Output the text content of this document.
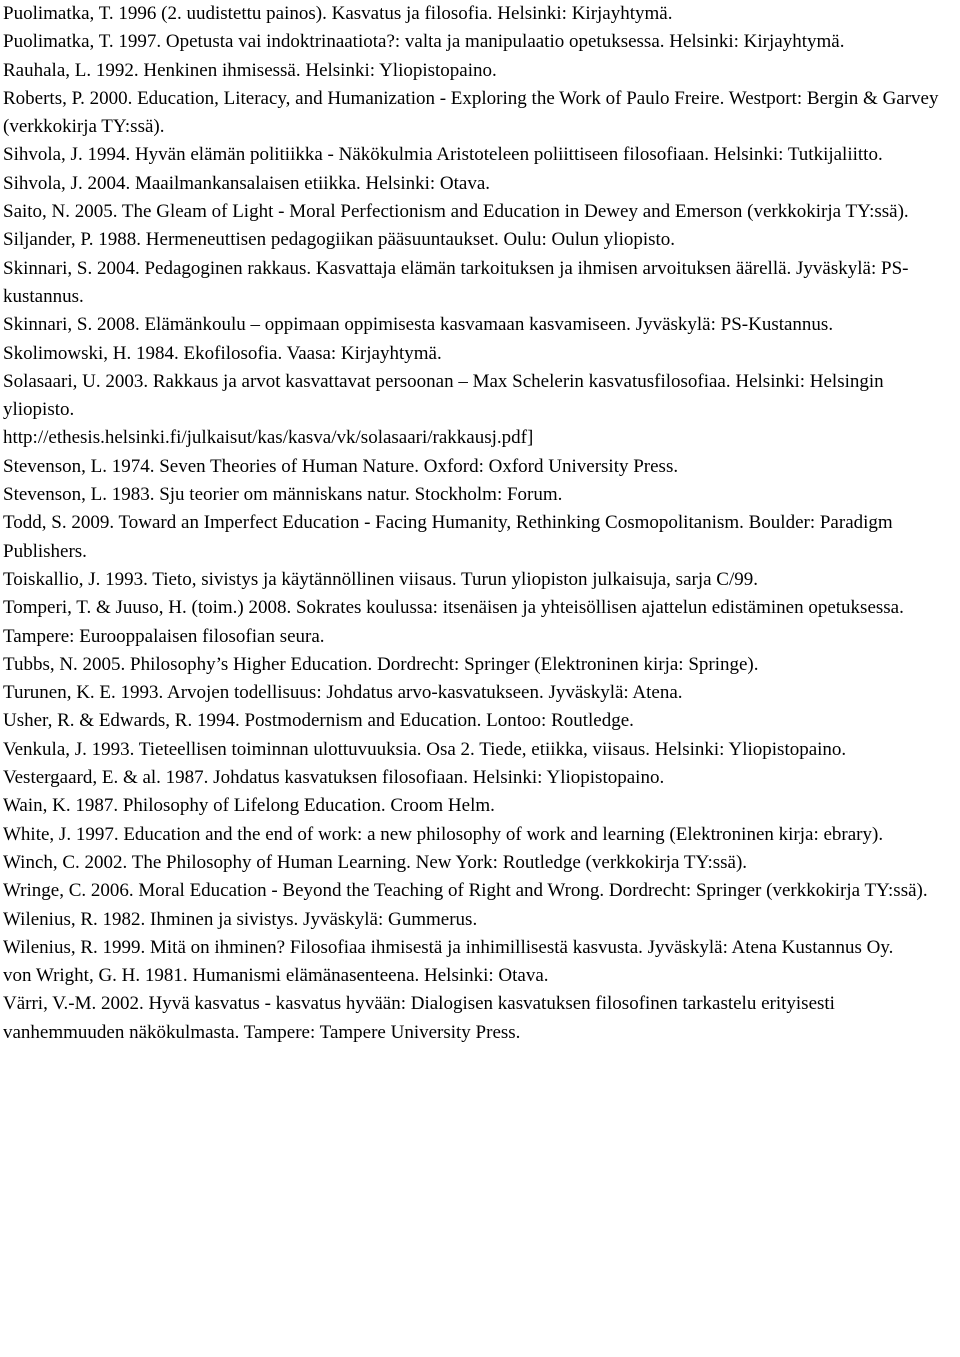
Puolimatka, T. 1996 (2. uudistettu painos). Kasvatus ja filosofia. Helsinki: Kirjayhtymä.

Puolimatka, T. 1997. Opetusta vai indoktrinaatiota?: valta ja manipulaatio opetuksessa. Helsinki: Kirjayhtymä.

Rauhala, L. 1992. Henkinen ihmisessä. Helsinki: Yliopistopaino.

Roberts, P. 2000. Education, Literacy, and Humanization - Exploring the Work of Paulo Freire. Westport: Bergin & Garvey (verkkokirja TY:ssä).

Sihvola, J. 1994. Hyvän elämän politiikka - Näkökulmia Aristoteleen poliittiseen filosofiaan. Helsinki: Tutkijaliitto.

Sihvola, J. 2004. Maailmankansalaisen etiikka. Helsinki: Otava.

Saito, N. 2005. The Gleam of Light - Moral Perfectionism and Education in Dewey and Emerson (verkkokirja TY:ssä).

Siljander, P. 1988. Hermeneuttisen pedagogiikan pääsuuntaukset. Oulu: Oulun yliopisto.

Skinnari, S. 2004. Pedagoginen rakkaus. Kasvattaja elämän tarkoituksen ja ihmisen arvoituksen äärellä. Jyväskylä: PS-kustannus.

Skinnari, S. 2008. Elämänkoulu – oppimaan oppimisesta kasvamaan kasvamiseen. Jyväskylä: PS-Kustannus.

Skolimowski, H. 1984. Ekofilosofia. Vaasa: Kirjayhtymä.

Solasaari, U. 2003. Rakkaus ja arvot kasvattavat persoonan – Max Schelerin kasvatusfilosofiaa. Helsinki: Helsingin yliopisto.

http://ethesis.helsinki.fi/julkaisut/kas/kasva/vk/solasaari/rakkausj.pdf]

Stevenson, L. 1974. Seven Theories of Human Nature. Oxford: Oxford University Press.

Stevenson, L. 1983. Sju teorier om människans natur. Stockholm: Forum.

Todd, S. 2009. Toward an Imperfect Education - Facing Humanity, Rethinking Cosmopolitanism. Boulder: Paradigm Publishers.

Toiskallio, J. 1993. Tieto, sivistys ja käytännöllinen viisaus. Turun yliopiston julkaisuja, sarja C/99.

Tomperi, T. & Juuso, H. (toim.) 2008. Sokrates koulussa: itsenäisen ja yhteisöllisen ajattelun edistäminen opetuksessa. Tampere: Eurooppalaisen filosofian seura.

Tubbs, N. 2005. Philosophy’s Higher Education. Dordrecht: Springer (Elektroninen kirja: Springe).

Turunen, K. E. 1993. Arvojen todellisuus: Johdatus arvo-kasvatukseen. Jyväskylä: Atena.

Usher, R. & Edwards, R. 1994. Postmodernism and Education. Lontoo: Routledge.

Venkula, J. 1993. Tieteellisen toiminnan ulottuvuuksia. Osa 2. Tiede, etiikka, viisaus. Helsinki: Yliopistopaino.

Vestergaard, E. & al. 1987. Johdatus kasvatuksen filosofiaan. Helsinki: Yliopistopaino.

Wain, K. 1987. Philosophy of Lifelong Education. Croom Helm.

White, J. 1997. Education and the end of work: a new philosophy of work and learning (Elektroninen kirja: ebrary).

Winch, C. 2002. The Philosophy of Human Learning. New York: Routledge (verkkokirja TY:ssä).

Wringe, C. 2006. Moral Education - Beyond the Teaching of Right and Wrong. Dordrecht: Springer (verkkokirja TY:ssä).

Wilenius, R. 1982. Ihminen ja sivistys. Jyväskylä: Gummerus.

Wilenius, R. 1999. Mitä on ihminen? Filosofiaa ihmisestä ja inhimillisestä kasvusta. Jyväskylä: Atena Kustannus Oy.

von Wright, G. H. 1981. Humanismi elämänasenteena. Helsinki: Otava.

Värri, V.-M. 2002. Hyvä kasvatus - kasvatus hyvään: Dialogisen kasvatuksen filosofinen tarkastelu erityisesti vanhemmuuden näkökulmasta. Tampere: Tampere University Press.
